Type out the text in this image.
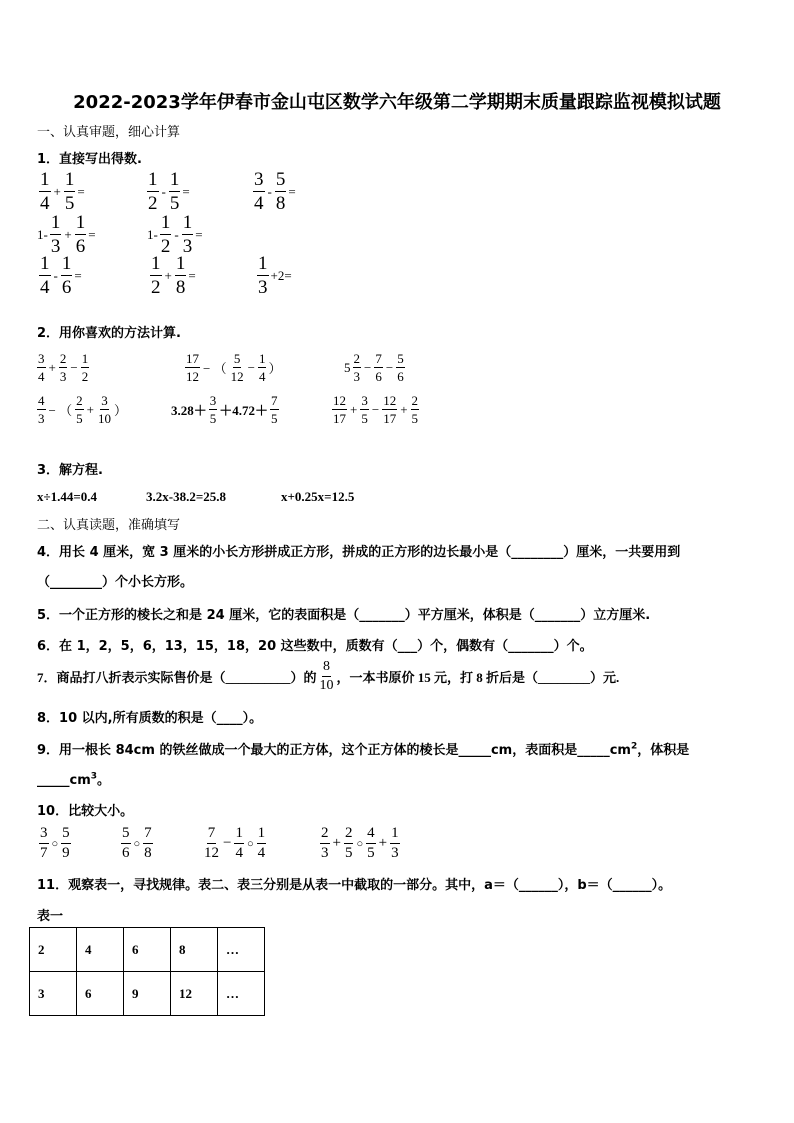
2022-2023学年伊春市金山屯区数学六年级第二学期期末质量跟踪监视模拟试题
一、认真审题，细心计算
1．直接写出得数.
$\frac{1}{4} + \frac{1}{5}$ =	$\frac{1}{2} - \frac{1}{5}$ =	$\frac{3}{4} - \frac{5}{8}$ =
$1- \frac{1}{3} + \frac{1}{6}$ =	$1- \frac{1}{2} - \frac{1}{3}$ =
$\frac{1}{4} - \frac{1}{6}$ =	$\frac{1}{2} + \frac{1}{8}$ =	$\frac{1}{3} +2=$
2．用你喜欢的方法计算.
$\frac{3}{4} + \frac{2}{3} - \frac{1}{2}$	$\frac{17}{12}$ − （ $\frac{5}{12} - \frac{1}{4}$ ）	$5 \frac{2}{3} - \frac{7}{6} - \frac{5}{6}$
$\frac{4}{3}$ − （ $\frac{2}{5} + \frac{3}{10}$ ）	$3.28+ \frac{3}{5} +4.72+ \frac{7}{5}$	$\frac{12}{17} + \frac{3}{5} - \frac{12}{17} + \frac{2}{5}$
3．解方程.
x÷1.44=0.4	3.2x-38.2=25.8	x+0.25x=12.5
二、认真读题，准确填写
4．用长 4 厘米，宽 3 厘米的小长方形拼成正方形，拼成的正方形的边长最小是（________）厘米，一共要用到
（________）个小长方形。
5．一个正方形的棱长之和是 24 厘米，它的表面积是（_______）平方厘米，体积是（_______）立方厘米.
6．在 1，2，5，6，13，15，18，20 这些数中，质数有（___）个，偶数有（_______）个。
7．商品打八折表示实际售价是（__________）的 $\frac{8}{10}$ ，一本书原价 15 元，打 8 折后是（________）元.
8．10 以内,所有质数的积是（____）。
9．用一根长 84cm 的铁丝做成一个最大的正方体，这个正方体的棱长是_____cm，表面积是$\_\_\_\_\_cm^2$，体积是
$\_\_\_\_\_cm^3$。
10．比较大小。
$\frac{3}{7}$ ○ $\frac{5}{9}$	$\frac{5}{6}$ ○ $\frac{7}{8}$	$\frac{7}{12} - \frac{1}{4}$ ○ $\frac{1}{4}$	$\frac{2}{3} + \frac{2}{5}$ ○ $\frac{4}{5} + \frac{1}{3}$
11．观察表一，寻找规律。表二、表三分别是从表一中截取的一部分。其中，a＝（______），b＝（______）。
表一
2	4	6	8	…
3	6	9	12	…
